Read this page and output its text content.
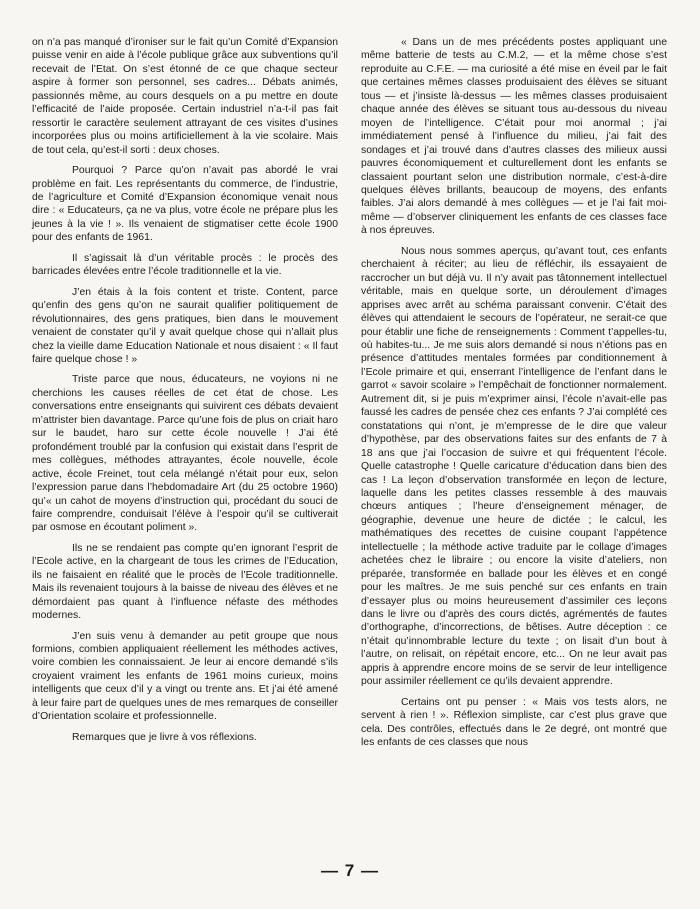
on n’a pas manqué d’ironiser sur le fait qu’un Comité d’Expansion puisse venir en aide à l’école publique grâce aux subventions qu’il recevait de l’Etat. On s’est étonné de ce que chaque secteur aspire à former son personnel, ses cadres... Débats animés, passionnés même, au cours desquels on a pu mettre en doute l’efficacité de l’aide proposée. Certain industriel n’a-t-il pas fait ressortir le caractère seulement attrayant de ces visites d’usines incorporées plus ou moins artificiellement à la vie scolaire. Mais de tout cela, qu’est-il sorti : deux choses.

Pourquoi ? Parce qu’on n’avait pas abordé le vrai problème en fait. Les représentants du commerce, de l’industrie, de l’agriculture et Comité d’Expansion économique venait nous dire : « Educateurs, ça ne va plus, votre école ne prépare plus les jeunes à la vie ! ». Ils venaient de stigmatiser cette école 1900 pour des enfants de 1961.

Il s’agissait là d’un véritable procès : le procès des barricades élevées entre l’école traditionnelle et la vie.

J’en étais à la fois content et triste. Content, parce qu’enfin des gens qu’on ne saurait qualifier politiquement de révolutionnaires, des gens pratiques, bien dans le mouvement venaient de constater qu’il y avait quelque chose qui n’allait plus chez la vieille dame Education Nationale et nous disaient : « Il faut faire quelque chose ! »

Triste parce que nous, éducateurs, ne voyions ni ne cherchions les causes réelles de cet état de chose. Les conversations entre enseignants qui suivirent ces débats devaient m’attrister bien davantage. Parce qu’une fois de plus on criait haro sur le baudet, haro sur cette école nouvelle ! J’ai été profondément troublé par la confusion qui existait dans l’esprit de mes collègues, méthodes attrayantes, école nouvelle, école active, école Freinet, tout cela mélangé n’était pour eux, selon l’expression parue dans l’hebdomadaire Art (du 25 octobre 1960) qu’« un cahot de moyens d’instruction qui, procédant du souci de faire comprendre, conduisait l’élève à l’espoir qu’il se cultiverait par osmose en écoutant poliment ».

Ils ne se rendaient pas compte qu’en ignorant l’esprit de l’Ecole active, en la chargeant de tous les crimes de l’Education, ils ne faisaient en réalité que le procès de l’Ecole traditionnelle. Mais ils revenaient toujours à la baisse de niveau des élèves et ne démordaient pas quant à l’influence néfaste des méthodes modernes.

J’en suis venu à demander au petit groupe que nous formions, combien appliquaient réellement les méthodes actives, voire combien les connaissaient. Je leur ai encore demandé s’ils croyaient vraiment les enfants de 1961 moins curieux, moins intelligents que ceux d’il y a vingt ou trente ans. Et j’ai été amené à leur faire part de quelques unes de mes remarques de conseiller d’Orientation scolaire et professionnelle.

Remarques que je livre à vos réflexions.

« Dans un de mes précédents postes appliquant une même batterie de tests au C.M.2, — et la même chose s’est reproduite au C.F.E. — ma curiosité a été mise en éveil par le fait que certaines mêmes classes produisaient des élèves se situant tous — et j’insiste là-dessus — les mêmes classes produisaient chaque année des élèves se situant tous au-dessous du niveau moyen de l’intelligence. C’était pour moi anormal ; j’ai immédiatement pensé à l’influence du milieu, j’ai fait des sondages et j’ai trouvé dans d’autres classes des milieux aussi pauvres économiquement et culturellement dont les enfants se classaient pourtant selon une distribution normale, c’est-à-dire quelques élèves brillants, beaucoup de moyens, des enfants faibles. J’ai alors demandé à mes collègues — et je l’ai fait moi-même — d’observer cliniquement les enfants de ces classes face à nos épreuves.

Nous nous sommes aperçus, qu’avant tout, ces enfants cherchaient à réciter; au lieu de réfléchir, ils essayaient de raccrocher un but déjà vu. Il n’y avait pas tâtonnement intellectuel véritable, mais en quelque sorte, un déroulement d’images apprises avec arrêt au schéma paraissant convenir. C’était des élèves qui attendaient le secours de l’opérateur, ne serait-ce que pour établir une fiche de renseignements : Comment t’appelles-tu, où habites-tu... Je me suis alors demandé si nous n’étions pas en présence d’attitudes mentales formées par conditionnement à l’Ecole primaire et qui, enserrant l’intelligence de l’enfant dans le garrot « savoir scolaire » l’empêchait de fonctionner normalement. Autrement dit, si je puis m’exprimer ainsi, l’école n’avait-elle pas faussé les cadres de pensée chez ces enfants ? J’ai complété ces constatations qui n’ont, je m’empresse de le dire que valeur d’hypothèse, par des observations faites sur des enfants de 7 à 18 ans que j’ai l’occasion de suivre et qui fréquentent l’école. Quelle catastrophe ! Quelle caricature d’éducation dans bien des cas ! La leçon d’observation transformée en leçon de lecture, laquelle dans les petites classes ressemble à des mauvais chœurs antiques ; l’heure d’enseignement ménager, de géographie, devenue une heure de dictée ; le calcul, les mathématiques des recettes de cuisine coupant l’appétence intellectuelle ; la méthode active traduite par le collage d’images achetées chez le libraire ; ou encore la visite d’ateliers, non préparée, transformée en ballade pour les élèves et en congé pour les maîtres. Je me suis penché sur ces enfants en train d’essayer plus ou moins heureusement d’assimiler ces leçons dans le livre ou d’après des cours dictés, agrémentés de fautes d’orthographe, d’incorrections, de bêtises. Autre déception : ce n’était qu’innombrable lecture du texte ; on lisait d’un bout à l’autre, on relisait, on répétait encore, etc... On ne leur avait pas appris à apprendre encore moins de se servir de leur intelligence pour assimiler réellement ce qu’ils devaient apprendre.

Certains ont pu penser : « Mais vos tests alors, ne servent à rien ! ». Réflexion simpliste, car c’est plus grave que cela. Des contrôles, effectués dans le 2e degré, ont montré que les enfants de ces classes que nous

— 7 —
